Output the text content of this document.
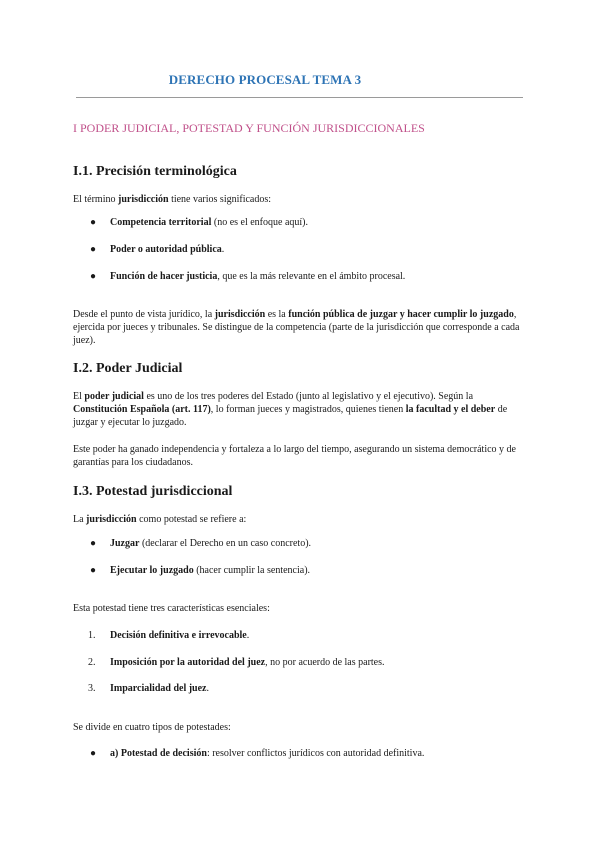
DERECHO PROCESAL TEMA 3
I PODER JUDICIAL, POTESTAD Y FUNCIÓN JURISDICCIONALES
I.1. Precisión terminológica

El término jurisdicción tiene varios significados:

●	Competencia territorial (no es el enfoque aquí).
●	Poder o autoridad pública.
●	Función de hacer justicia, que es la más relevante en el ámbito procesal.

Desde el punto de vista jurídico, la jurisdicción es la función pública de juzgar y hacer cumplir lo juzgado, ejercida por jueces y tribunales. Se distingue de la competencia (parte de la jurisdicción que corresponde a cada juez).

I.2. Poder Judicial

El poder judicial es uno de los tres poderes del Estado (junto al legislativo y el ejecutivo). Según la Constitución Española (art. 117), lo forman jueces y magistrados, quienes tienen la facultad y el deber de juzgar y ejecutar lo juzgado.

Este poder ha ganado independencia y fortaleza a lo largo del tiempo, asegurando un sistema democrático y de garantías para los ciudadanos.

I.3. Potestad jurisdiccional

La jurisdicción como potestad se refiere a:

●	Juzgar (declarar el Derecho en un caso concreto).
●	Ejecutar lo juzgado (hacer cumplir la sentencia).

Esta potestad tiene tres características esenciales:

1.	Decisión definitiva e irrevocable.
2.	Imposición por la autoridad del juez, no por acuerdo de las partes.
3.	Imparcialidad del juez.

Se divide en cuatro tipos de potestades:

●	a) Potestad de decisión: resolver conflictos jurídicos con autoridad definitiva.
